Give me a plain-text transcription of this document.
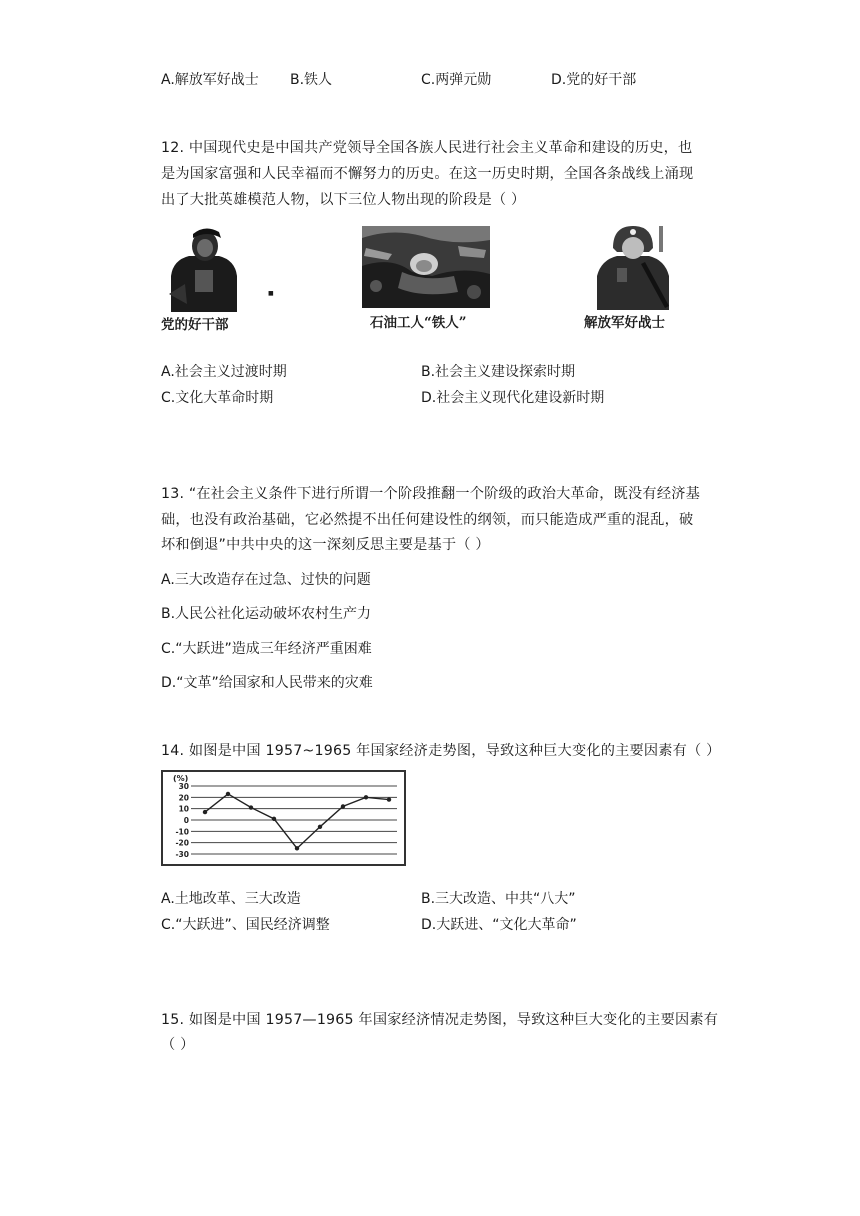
A.解放军好战士 B.铁人	C.两弹元勋	D.党的好干部
12. 中国现代史是中国共产党领导全国各族人民进行社会主义革命和建设的历史，也
是为国家富强和人民幸福而不懈努力的历史。在这一历史时期，全国各条战线上涌现
出了大批英雄模范人物，以下三位人物出现的阶段是（ ）
■
党的好干部	石油工人“铁人”	解放军好战士
A.社会主义过渡时期	B.社会主义建设探索时期
C.文化大革命时期	D.社会主义现代化建设新时期
13. “在社会主义条件下进行所谓一个阶段推翻一个阶级的政治大革命，既没有经济基
础，也没有政治基础，它必然提不出任何建设性的纲领，而只能造成严重的混乱，破
坏和倒退”中共中央的这一深刻反思主要是基于（ ）
A.三大改造存在过急、过快的问题
B.人民公社化运动破坏农村生产力
C.“大跃进”造成三年经济严重困难
D.“文革”给国家和人民带来的灾难
14. 如图是中国 1957~1965 年国家经济走势图，导致这种巨大变化的主要因素有（ ）
30
20
10
0
-10
-20
-30
(%)
A.土地改革、三大改造	B.三大改造、中共“八大”
C.“大跃进”、国民经济调整	D.大跃进、“文化大革命”
15. 如图是中国 1957—1965 年国家经济情况走势图，导致这种巨大变化的主要因素有
（ ）
